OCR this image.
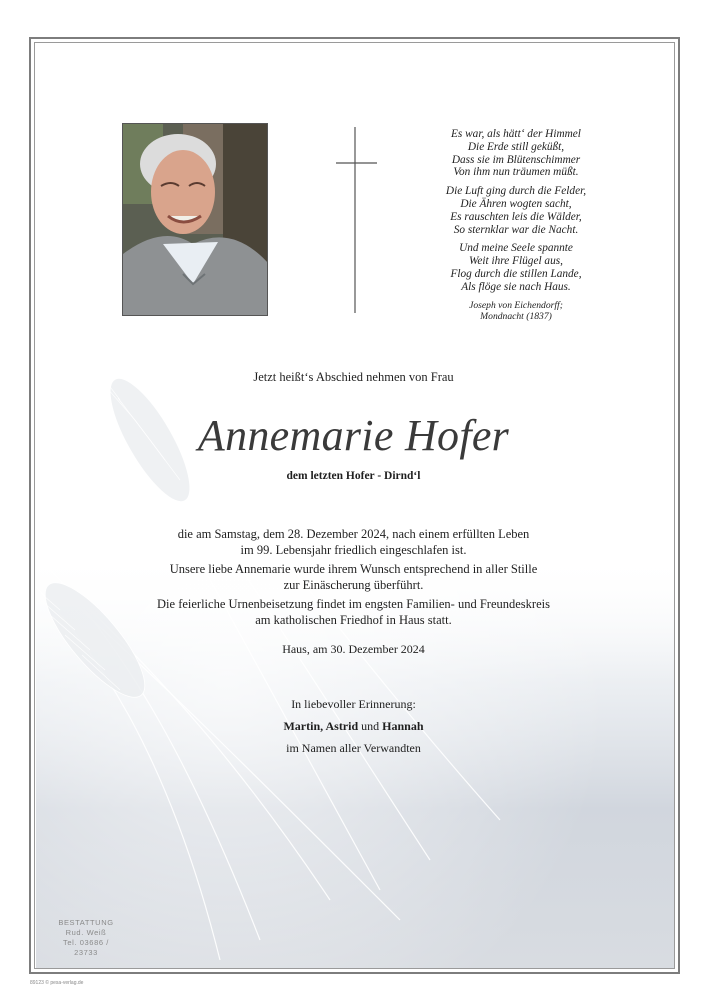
Es war, als hätt‘ der Himmel
Die Erde still geküßt,
Dass sie im Blütenschimmer
Von ihm nun träumen müßt.
Die Luft ging durch die Felder,
Die Ähren wogten sacht,
Es rauschten leis die Wälder,
So sternklar war die Nacht.
Und meine Seele spannte
Weit ihre Flügel aus,
Flog durch die stillen Lande,
Als flöge sie nach Haus.
Joseph von Eichendorff;
Mondnacht (1837)
Jetzt heißt‘s Abschied nehmen von Frau
Annemarie Hofer
dem letzten Hofer - Dirnd‘l
die am Samstag, dem 28. Dezember 2024, nach einem erfüllten Leben
im 99. Lebensjahr friedlich eingeschlafen ist.
Unsere liebe Annemarie wurde ihrem Wunsch entsprechend in aller Stille
zur Einäscherung überführt.
Die feierliche Urnenbeisetzung findet im engsten Familien- und Freundeskreis
am katholischen Friedhof in Haus statt.
Haus, am 30. Dezember 2024
In liebevoller Erinnerung:
Martin, Astrid und Hannah
im Namen aller Verwandten
BESTATTUNG
Rud. Weiß
Tel. 03686 / 23733
89123 © pesa-verlag.de
